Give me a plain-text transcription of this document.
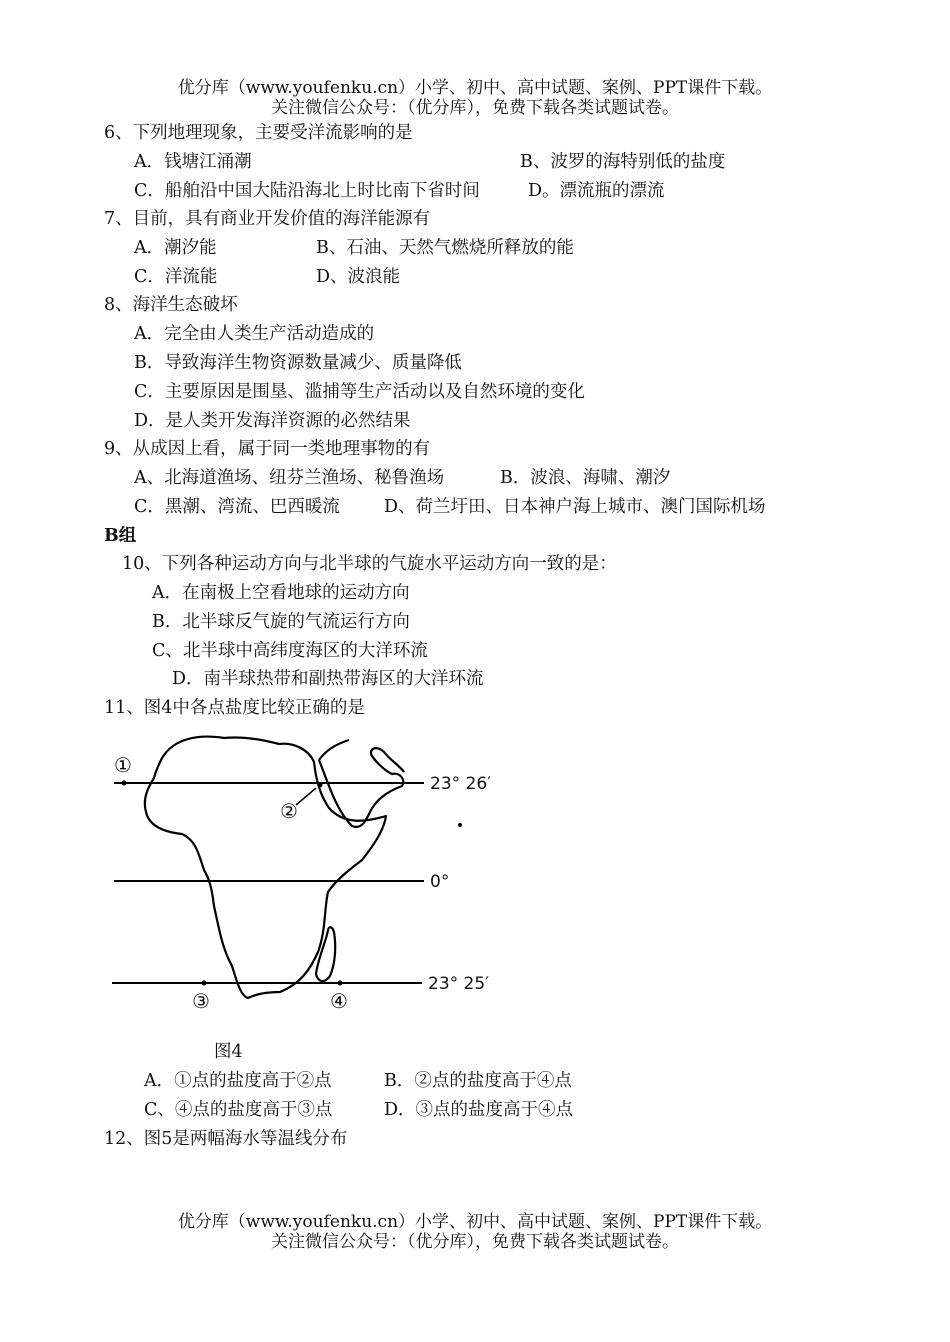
优分库（www.youfenku.cn）小学、初中、高中试题、案例、PPT课件下载。
关注微信公众号：（优分库），免费下载各类试题试卷。
6、下列地理现象，主要受洋流影响的是
A．钱塘江涌潮	B、波罗的海特别低的盐度
C．船舶沿中国大陆沿海北上时比南下省时间	D。漂流瓶的漂流
7、目前，具有商业开发价值的海洋能源有
A．潮汐能	B、石油、天然气燃烧所释放的能
C．洋流能	D、波浪能
8、海洋生态破坏
A．完全由人类生产活动造成的
B．导致海洋生物资源数量减少、质量降低
C．主要原因是围垦、滥捕等生产活动以及自然环境的变化
D．是人类开发海洋资源的必然结果
9、从成因上看，属于同一类地理事物的有
A、北海道渔场、纽芬兰渔场、秘鲁渔场	B．波浪、海啸、潮汐
C．黑潮、湾流、巴西暖流	D、荷兰圩田、日本神户海上城市、澳门国际机场
B组
10、下列各种运动方向与北半球的气旋水平运动方向一致的是：
A．在南极上空看地球的运动方向
B．北半球反气旋的气流运行方向
C、北半球中高纬度海区的大洋环流
D．南半球热带和副热带海区的大洋环流
11、图4中各点盐度比较正确的是
①
②
③	④
23° 26′
0°
23° 25′
图4
A．①点的盐度高于②点	B．②点的盐度高于④点
C、④点的盐度高于③点	D．③点的盐度高于④点
12、图5是两幅海水等温线分布
优分库（www.youfenku.cn）小学、初中、高中试题、案例、PPT课件下载。
关注微信公众号：（优分库），免费下载各类试题试卷。
